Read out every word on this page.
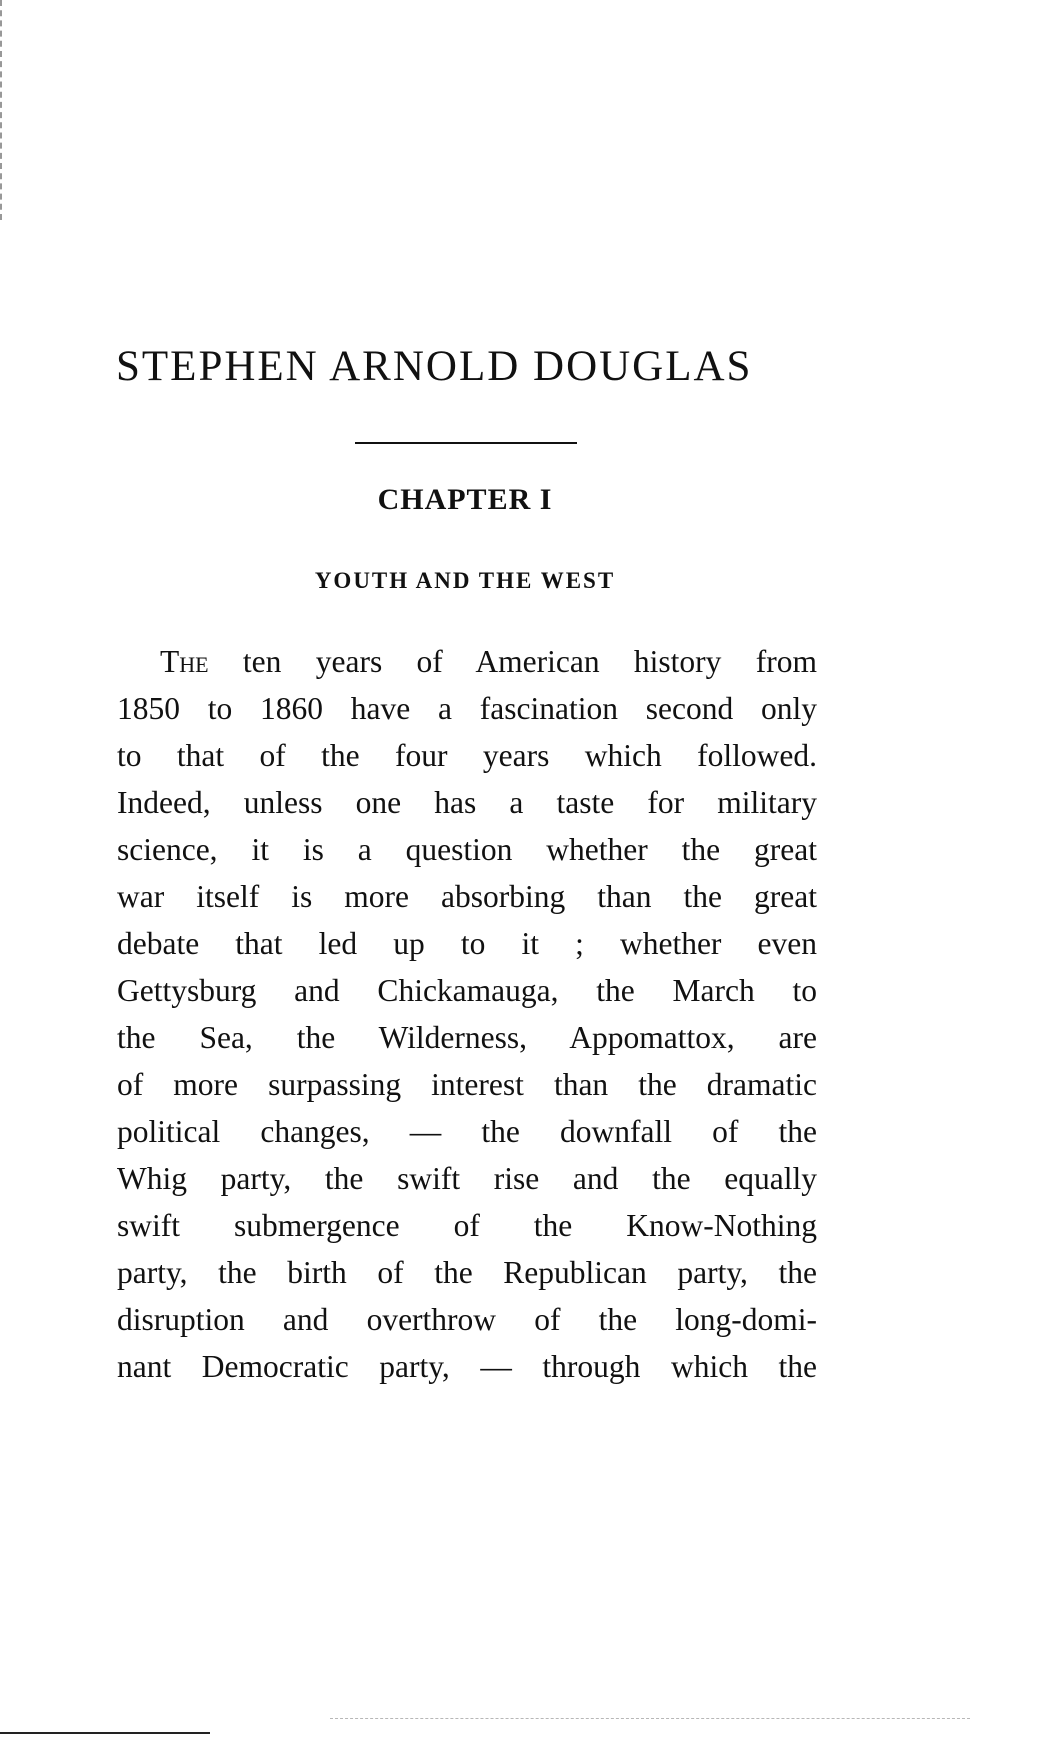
STEPHEN ARNOLD DOUGLAS
CHAPTER I
YOUTH AND THE WEST
The ten years of American history from
1850 to 1860 have a fascination second only
to that of the four years which followed.
Indeed, unless one has a taste for military
science, it is a question whether the great
war itself is more absorbing than the great
debate that led up to it ; whether even
Gettysburg and Chickamauga, the March to
the Sea, the Wilderness, Appomattox, are
of more surpassing interest than the dramatic
political changes, — the downfall of the
Whig party, the swift rise and the equally
swift submergence of the Know-Nothing
party, the birth of the Republican party, the
disruption and overthrow of the long-domi-
nant Democratic party, — through which the
